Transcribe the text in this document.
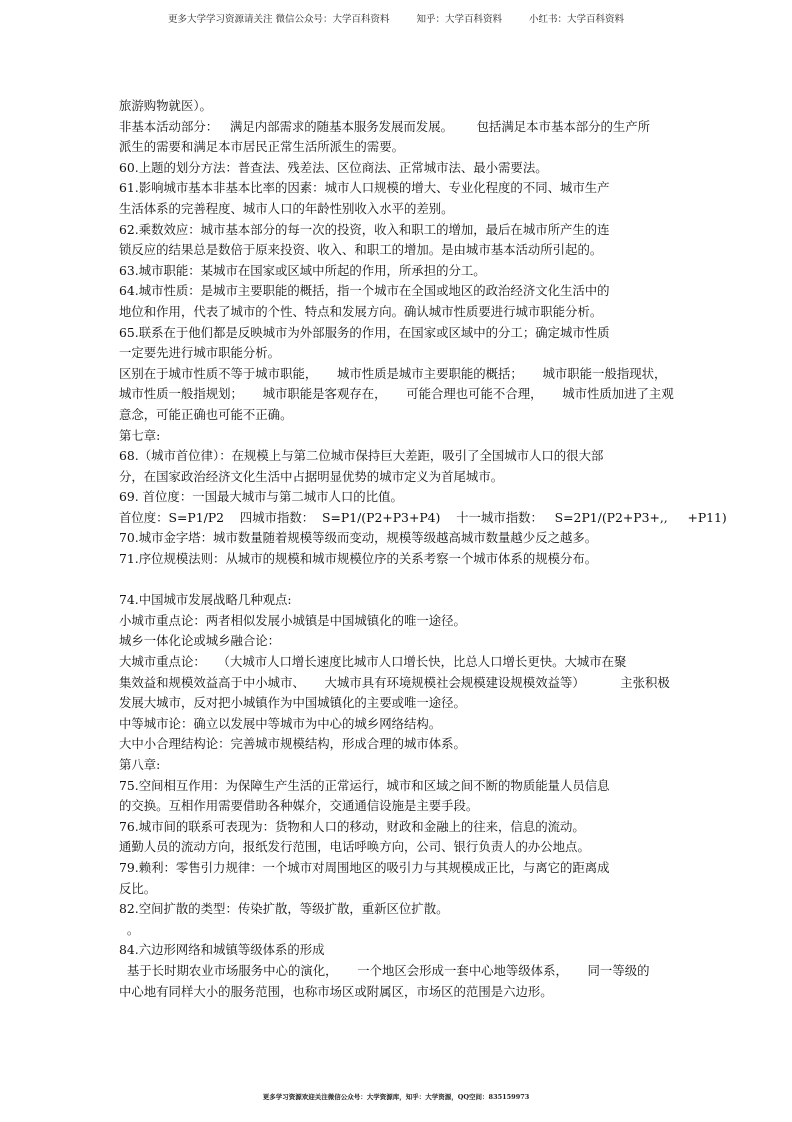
更多大学学习资源请关注 微信公众号：大学百科资料	知乎：大学百科资料	小红书：大学百科资料
旅游购物就医）。
非基本活动部分：   满足内部需求的随基本服务发展而发展。      包括满足本市基本部分的生产所
派生的需要和满足本市居民正常生活所派生的需要。
60.上题的划分方法：普查法、残差法、区位商法、正常城市法、最小需要法。
61.影响城市基本非基本比率的因素：城市人口规模的增大、专业化程度的不同、城市生产
生活体系的完善程度、城市人口的年龄性别收入水平的差别。
62.乘数效应：城市基本部分的每一次的投资，收入和职工的增加，最后在城市所产生的连
锁反应的结果总是数倍于原来投资、收入、和职工的增加。是由城市基本活动所引起的。
63.城市职能：某城市在国家或区域中所起的作用，所承担的分工。
64.城市性质：是城市主要职能的概括，指一个城市在全国或地区的政治经济文化生活中的
地位和作用，代表了城市的个性、特点和发展方向。确认城市性质要进行城市职能分析。
65.联系在于他们都是反映城市为外部服务的作用，在国家或区域中的分工；确定城市性质
一定要先进行城市职能分析。
区别在于城市性质不等于城市职能，     城市性质是城市主要职能的概括；     城市职能一般指现状，
城市性质一般指规划；     城市职能是客观存在，     可能合理也可能不合理，     城市性质加进了主观
意念，可能正确也可能不正确。
第七章:
68.（城市首位律）：在规模上与第二位城市保持巨大差距，吸引了全国城市人口的很大部
分，在国家政治经济文化生活中占据明显优势的城市定义为首尾城市。
69. 首位度：一国最大城市与第二城市人口的比值。
首位度：S=P1/P2    四城市指数：  S=P1/(P2+P3+P4)    十一城市指数：   S=2P1/(P2+P3+,,     +P11)
70.城市金字塔：城市数量随着规模等级而变动，规模等级越高城市数量越少反之越多。
71.序位规模法则：从城市的规模和城市规模位序的关系考察一个城市体系的规模分布。
74.中国城市发展战略几种观点:
小城市重点论：两者相似发展小城镇是中国城镇化的唯一途径。
城乡一体化论或城乡融合论：
大城市重点论：   （大城市人口增长速度比城市人口增长快，比总人口增长更快。大城市在聚
集效益和规模效益高于中小城市、     大城市具有环境规模社会规模建设规模效益等）         主张积极
发展大城市，反对把小城镇作为中国城镇化的主要或唯一途径。
中等城市论：确立以发展中等城市为中心的城乡网络结构。
大中小合理结构论：完善城市规模结构，形成合理的城市体系。
第八章:
75.空间相互作用：为保障生产生活的正常运行，城市和区域之间不断的物质能量人员信息
的交换。互相作用需要借助各种媒介，交通通信设施是主要手段。
76.城市间的联系可表现为：货物和人口的移动，财政和金融上的往来，信息的流动。
通勤人员的流动方向，报纸发行范围，电话呼唤方向，公司、银行负责人的办公地点。
79.赖利：零售引力规律：一个城市对周围地区的吸引力与其规模成正比，与离它的距离成
反比。
82.空间扩散的类型：传染扩散，等级扩散，重新区位扩散。
。
84.六边形网络和城镇等级体系的形成
基于长时期农业市场服务中心的演化，     一个地区会形成一套中心地等级体系，     同一等级的
中心地有同样大小的服务范围，也称市场区或附属区，市场区的范围是六边形。
更多学习资源欢迎关注微信公众号：大学资源库，知乎：大学资源，QQ空间：835159973
